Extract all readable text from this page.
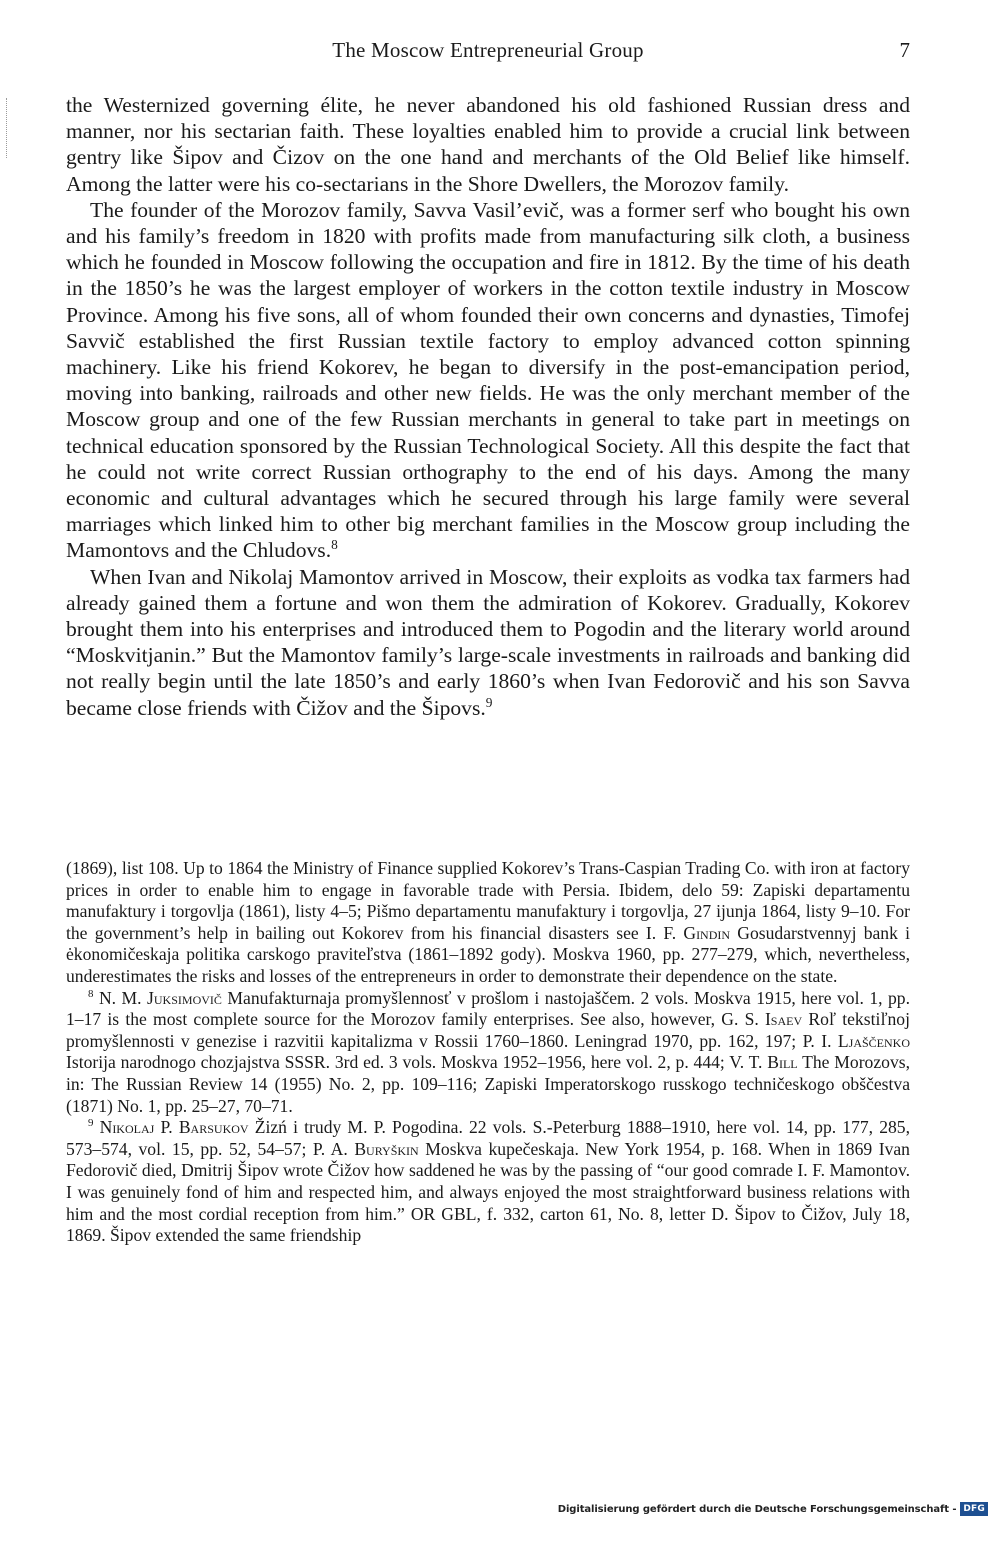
The Moscow Entrepreneurial Group	7

the Westernized governing élite, he never abandoned his old fashioned Russian dress and manner, nor his sectarian faith. These loyalties enabled him to provide a crucial link between gentry like Šipov and Čizov on the one hand and merchants of the Old Belief like himself. Among the latter were his co-sectarians in the Shore Dwellers, the Morozov family.

The founder of the Morozov family, Savva Vasil’evič, was a former serf who bought his own and his family’s freedom in 1820 with profits made from manufacturing silk cloth, a business which he founded in Moscow following the occupation and fire in 1812. By the time of his death in the 1850’s he was the largest employer of workers in the cotton textile industry in Moscow Province. Among his five sons, all of whom founded their own concerns and dynasties, Timofej Savvič established the first Russian textile factory to employ advanced cotton spinning machinery. Like his friend Kokorev, he began to diversify in the post-emancipation period, moving into banking, railroads and other new fields. He was the only merchant member of the Moscow group and one of the few Russian merchants in general to take part in meetings on technical education sponsored by the Russian Technological Society. All this despite the fact that he could not write correct Russian orthography to the end of his days. Among the many economic and cultural advantages which he secured through his large family were several marriages which linked him to other big merchant families in the Moscow group including the Mamontovs and the Chludovs.$^8$

When Ivan and Nikolaj Mamontov arrived in Moscow, their exploits as vodka tax farmers had already gained them a fortune and won them the admiration of Kokorev. Gradually, Kokorev brought them into his enterprises and introduced them to Pogodin and the literary world around “Moskvitjanin.” But the Mamontov family’s large-scale investments in railroads and banking did not really begin until the late 1850’s and early 1860’s when Ivan Fedorovič and his son Savva became close friends with Čižov and the Šipovs.$^9$

(1869), list 108. Up to 1864 the Ministry of Finance supplied Kokorev’s Trans-Caspian Trading Co. with iron at factory prices in order to enable him to engage in favorable trade with Persia. Ibidem, delo 59: Zapiski departamentu manufaktury i torgovlja (1861), listy 4–5; Pišmo departamentu manufaktury i torgovlja, 27 ijunja 1864, listy 9–10. For the government’s help in bailing out Kokorev from his financial disasters see I. F. Gindin Gosudarstvennyj bank i ėkonomičeskaja politika carskogo praviteľstva (1861–1892 gody). Moskva 1960, pp. 277–279, which, nevertheless, underestimates the risks and losses of the entrepreneurs in order to demonstrate their dependence on the state.

$^8$ N. M. Juksimovič Manufakturnaja promyšlennosť v prošlom i nastojaščem. 2 vols. Moskva 1915, here vol. 1, pp. 1–17 is the most complete source for the Morozov family enterprises. See also, however, G. S. Isaev Roľ tekstiľnoj promyšlennosti v genezise i razvitii kapitalizma v Rossii 1760–1860. Leningrad 1970, pp. 162, 197; P. I. Ljaščenko Istorija narodnogo chozjajstva SSSR. 3rd ed. 3 vols. Moskva 1952–1956, here vol. 2, p. 444; V. T. Bill The Morozovs, in: The Russian Review 14 (1955) No. 2, pp. 109–116; Zapiski Imperatorskogo russkogo techničeskogo obščestva (1871) No. 1, pp. 25–27, 70–71.

$^9$ Nikolaj P. Barsukov Žizń i trudy M. P. Pogodina. 22 vols. S.-Peterburg 1888–1910, here vol. 14, pp. 177, 285, 573–574, vol. 15, pp. 52, 54–57; P. A. Buryškin Moskva kupečeskaja. New York 1954, p. 168. When in 1869 Ivan Fedorovič died, Dmitrij Šipov wrote Čižov how saddened he was by the passing of “our good comrade I. F. Mamontov. I was genuinely fond of him and respected him, and always enjoyed the most straightforward business relations with him and the most cordial reception from him.” OR GBL, f. 332, carton 61, No. 8, letter D. Šipov to Čižov, July 18, 1869. Šipov extended the same friendship

Digitalisierung gefördert durch die Deutsche Forschungsgemeinschaft - DFG
